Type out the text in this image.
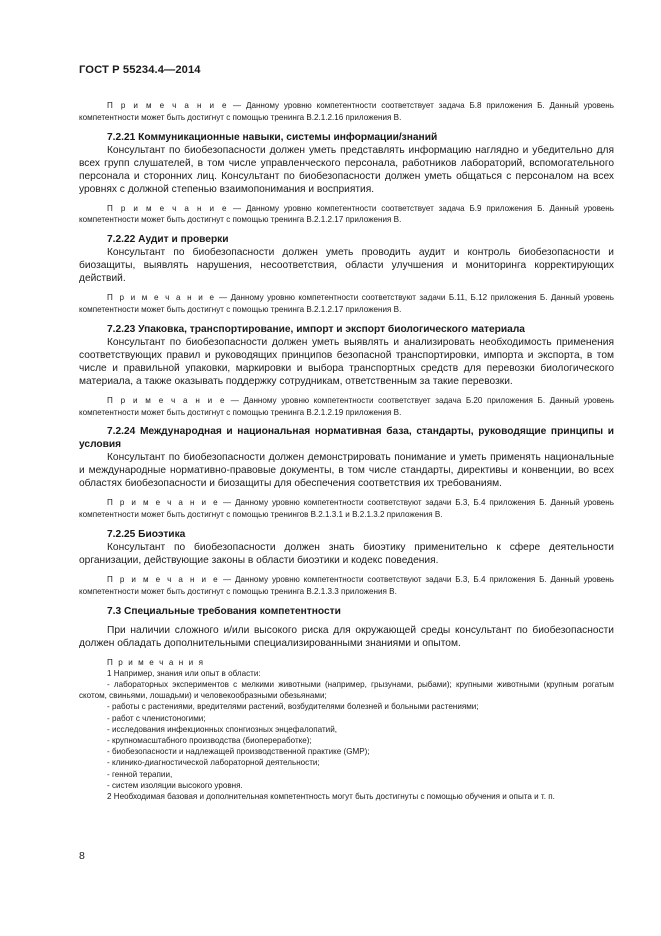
ГОСТ Р 55234.4—2014

П р и м е ч а н и е — Данному уровню компетентности соответствует задача Б.8 приложения Б. Данный уровень компетентности может быть достигнут с помощью тренинга В.2.1.2.16 приложения В.

7.2.21 Коммуникационные навыки, системы информации/знаний

Консультант по биобезопасности должен уметь представлять информацию наглядно и убедительно для всех групп слушателей, в том числе управленческого персонала, работников лабораторий, вспомогательного персонала и сторонних лиц. Консультант по биобезопасности должен уметь общаться с персоналом на всех уровнях с должной степенью взаимопонимания и восприятия.

П р и м е ч а н и е — Данному уровню компетентности соответствует задача Б.9 приложения Б. Данный уровень компетентности может быть достигнут с помощью тренинга В.2.1.2.17 приложения В.

7.2.22 Аудит и проверки

Консультант по биобезопасности должен уметь проводить аудит и контроль биобезопасности и биозащиты, выявлять нарушения, несоответствия, области улучшения и мониторинга корректирующих действий.

П р и м е ч а н и е — Данному уровню компетентности соответствуют задачи Б.11, Б.12 приложения Б. Данный уровень компетентности может быть достигнут с помощью тренинга В.2.1.2.17 приложения В.

7.2.23 Упаковка, транспортирование, импорт и экспорт биологического материала

Консультант по биобезопасности должен уметь выявлять и анализировать необходимость применения соответствующих правил и руководящих принципов безопасной транспортировки, импорта и экспорта, в том числе и правильной упаковки, маркировки и выбора транспортных средств для перевозки биологического материала, а также оказывать поддержку сотрудникам, ответственным за такие перевозки.

П р и м е ч а н и е — Данному уровню компетентности соответствует задача Б.20 приложения Б. Данный уровень компетентности может быть достигнут с помощью тренинга В.2.1.2.19 приложения В.

7.2.24 Международная и национальная нормативная база, стандарты, руководящие принципы и условия

Консультант по биобезопасности должен демонстрировать понимание и уметь применять национальные и международные нормативно-правовые документы, в том числе стандарты, директивы и конвенции, во всех областях биобезопасности и биозащиты для обеспечения соответствия их требованиям.

П р и м е ч а н и е — Данному уровню компетентности соответствуют задачи Б.3, Б.4 приложения Б. Данный уровень компетентности может быть достигнут с помощью тренингов В.2.1.3.1 и В.2.1.3.2 приложения В.

7.2.25 Биоэтика

Консультант по биобезопасности должен знать биоэтику применительно к сфере деятельности организации, действующие законы в области биоэтики и кодекс поведения.

П р и м е ч а н и е — Данному уровню компетентности соответствуют задачи Б.3, Б.4 приложения Б. Данный уровень компетентности может быть достигнут с помощью тренинга В.2.1.3.3 приложения В.

7.3 Специальные требования компетентности

При наличии сложного и/или высокого риска для окружающей среды консультант по биобезопасности должен обладать дополнительными специализированными знаниями и опытом.

П р и м е ч а н и я

1 Например, знания или опыт в области:

- лабораторных экспериментов с мелкими животными (например, грызунами, рыбами); крупными животными (крупным рогатым скотом, свиньями, лошадьми) и человекообразными обезьянами;

- работы с растениями, вредителями растений, возбудителями болезней и больными растениями;

- работ с членистоногими;

- исследования инфекционных спонгиозных энцефалопатий,

- крупномасштабного производства (биопереработке);

- биобезопасности и надлежащей производственной практике (GMP);

- клинико-диагностической лабораторной деятельности;

- генной терапии,

- систем изоляции высокого уровня.

2 Необходимая базовая и дополнительная компетентность могут быть достигнуты с помощью обучения и опыта и т. п.

8
